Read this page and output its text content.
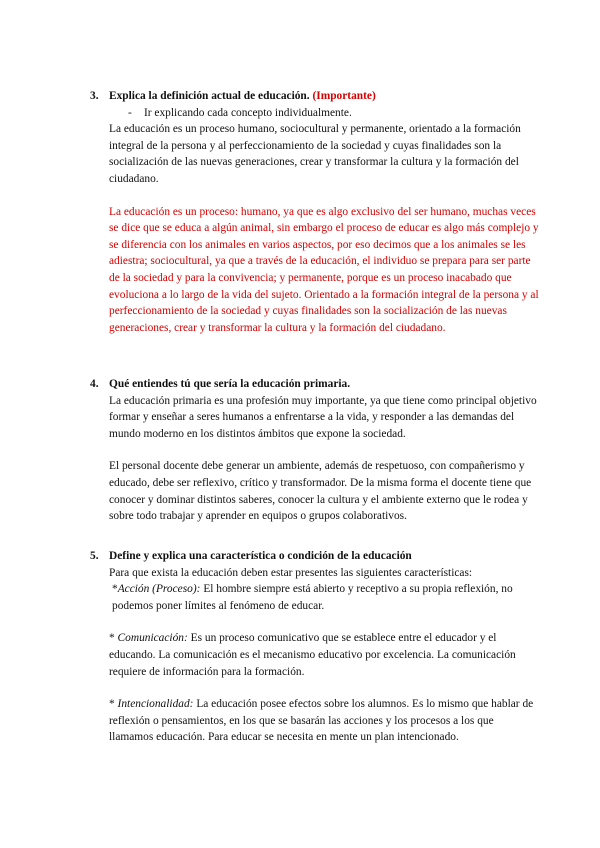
3. Explica la definición actual de educación. (Importante)
- Ir explicando cada concepto individualmente.

La educación es un proceso humano, sociocultural y permanente, orientado a la formación integral de la persona y al perfeccionamiento de la sociedad y cuyas finalidades son la socialización de las nuevas generaciones, crear y transformar la cultura y la formación del ciudadano.

La educación es un proceso: humano, ya que es algo exclusivo del ser humano, muchas veces se dice que se educa a algún animal, sin embargo el proceso de educar es algo más complejo y se diferencia con los animales en varios aspectos, por eso decimos que a los animales se les adiestra; sociocultural, ya que a través de la educación, el individuo se prepara para ser parte de la sociedad y para la convivencia; y permanente, porque es un proceso inacabado que evoluciona a lo largo de la vida del sujeto. Orientado a la formación integral de la persona y al perfeccionamiento de la sociedad y cuyas finalidades son la socialización de las nuevas generaciones, crear y transformar la cultura y la formación del ciudadano.

4. Qué entiendes tú que sería la educación primaria.

La educación primaria es una profesión muy importante, ya que tiene como principal objetivo formar y enseñar a seres humanos a enfrentarse a la vida, y responder a las demandas del mundo moderno en los distintos ámbitos que expone la sociedad.

El personal docente debe generar un ambiente, además de respetuoso, con compañerismo y educado, debe ser reflexivo, crítico y transformador. De la misma forma el docente tiene que conocer y dominar distintos saberes, conocer la cultura y el ambiente externo que le rodea y sobre todo trabajar y aprender en equipos o grupos colaborativos.

5. Define y explica una característica o condición de la educación

Para que exista la educación deben estar presentes las siguientes características:

*Acción (Proceso): El hombre siempre está abierto y receptivo a su propia reflexión, no podemos poner límites al fenómeno de educar.

* Comunicación: Es un proceso comunicativo que se establece entre el educador y el educando. La comunicación es el mecanismo educativo por excelencia. La comunicación requiere de información para la formación.

* Intencionalidad: La educación posee efectos sobre los alumnos. Es lo mismo que hablar de reflexión o pensamientos, en los que se basarán las acciones y los procesos a los que llamamos educación. Para educar se necesita en mente un plan intencionado.
